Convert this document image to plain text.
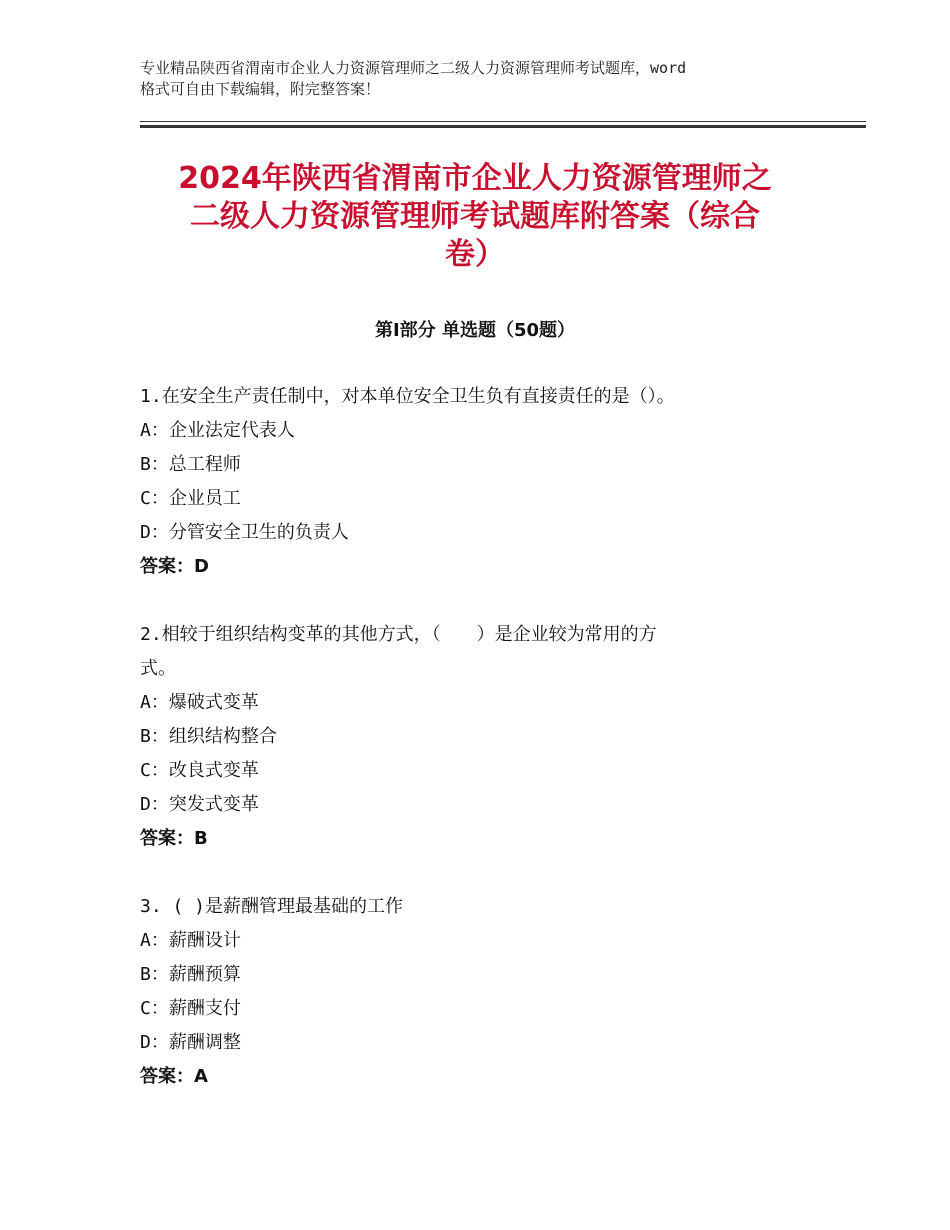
专业精品陕西省渭南市企业人力资源管理师之二级人力资源管理师考试题库，word
格式可自由下载编辑，附完整答案！
2024年陕西省渭南市企业人力资源管理师之
二级人力资源管理师考试题库附答案（综合
卷）
第Ⅰ部分 单选题（50题）
1.在安全生产责任制中，对本单位安全卫生负有直接责任的是（）。
A：企业法定代表人
B：总工程师
C：企业员工
D：分管安全卫生的负责人
答案：D
2.相较于组织结构变革的其他方式，（　　）是企业较为常用的方
式。
A：爆破式变革
B：组织结构整合
C：改良式变革
D：突发式变革
答案：B
3. ( )是薪酬管理最基础的工作
A：薪酬设计
B：薪酬预算
C：薪酬支付
D：薪酬调整
答案：A
